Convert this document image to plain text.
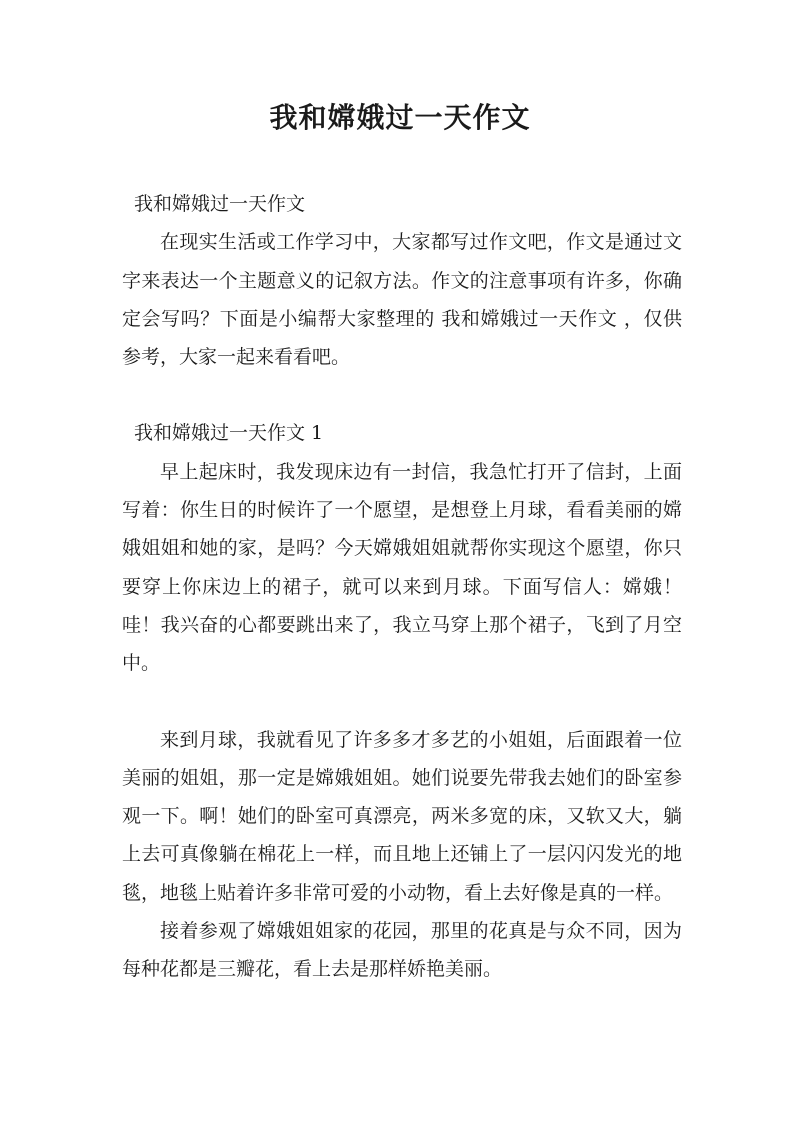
我和嫦娥过一天作文

我和嫦娥过一天作文

在现实生活或工作学习中，大家都写过作文吧，作文是通过文字来表达一个主题意义的记叙方法。作文的注意事项有许多，你确定会写吗？下面是小编帮大家整理的 我和嫦娥过一天作文 ，仅供参考，大家一起来看看吧。

我和嫦娥过一天作文 1

早上起床时，我发现床边有一封信，我急忙打开了信封，上面写着：你生日的时候许了一个愿望，是想登上月球，看看美丽的嫦娥姐姐和她的家，是吗？今天嫦娥姐姐就帮你实现这个愿望，你只要穿上你床边上的裙子，就可以来到月球。下面写信人：嫦娥！哇！我兴奋的心都要跳出来了，我立马穿上那个裙子，飞到了月空中。

来到月球，我就看见了许多多才多艺的小姐姐，后面跟着一位美丽的姐姐，那一定是嫦娥姐姐。她们说要先带我去她们的卧室参观一下。啊！她们的卧室可真漂亮，两米多宽的床，又软又大，躺上去可真像躺在棉花上一样，而且地上还铺上了一层闪闪发光的地毯，地毯上贴着许多非常可爱的小动物，看上去好像是真的一样。

接着参观了嫦娥姐姐家的花园，那里的花真是与众不同，因为每种花都是三瓣花，看上去是那样娇艳美丽。
